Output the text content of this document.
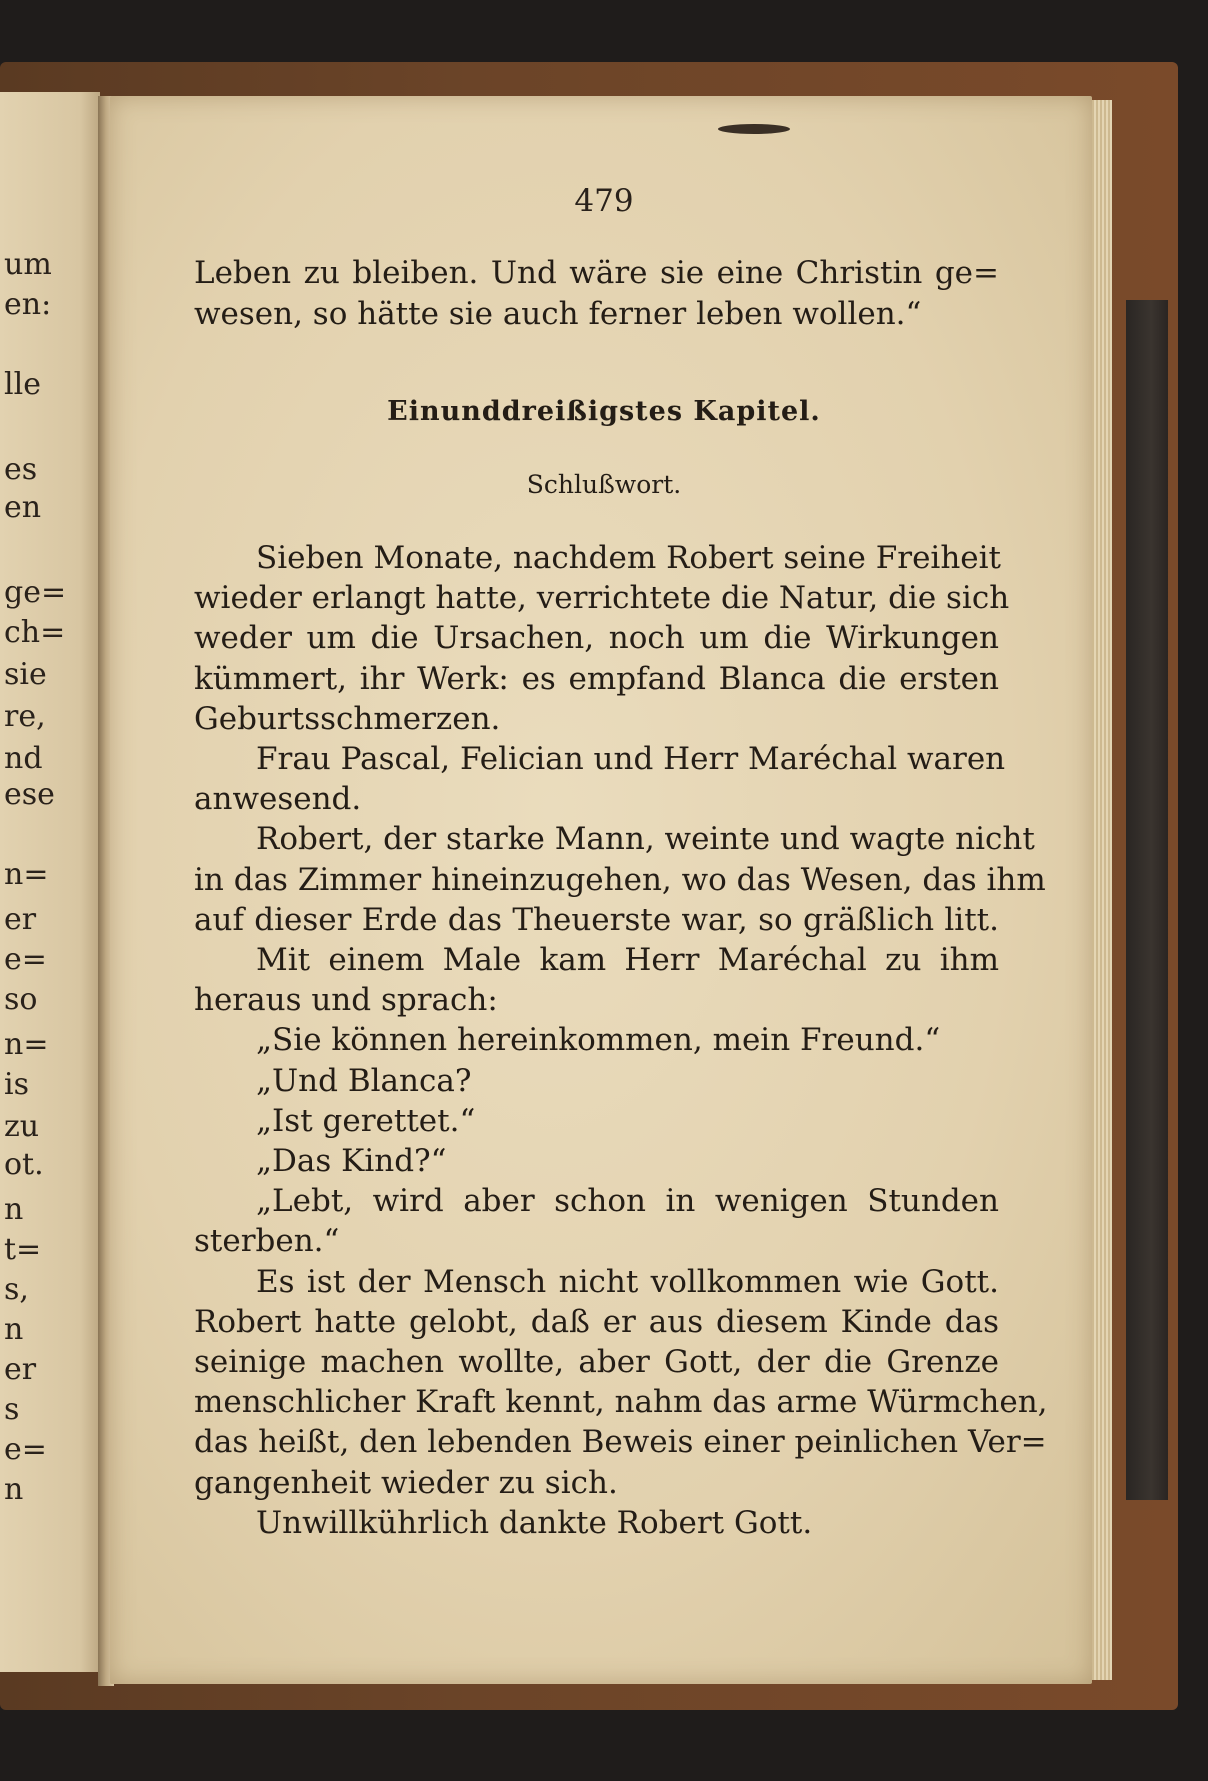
um
en:
lle
es
en
ge=
ch=
sie
re,
nd
ese
n=
er
e=
so
n=
is
zu
ot.
n
t=
s,
n
er
s
e=
n
479
Leben zu bleiben. Und wäre sie eine Christin ge=
wesen, so hätte sie auch ferner leben wollen.“
Einunddreißigstes Kapitel.
Schlußwort.
Sieben Monate, nachdem Robert seine Freiheit
wieder erlangt hatte, verrichtete die Natur, die sich
weder um die Ursachen, noch um die Wirkungen
kümmert, ihr Werk: es empfand Blanca die ersten
Geburtsschmerzen.
Frau Pascal, Felician und Herr Maréchal waren
anwesend.
Robert, der starke Mann, weinte und wagte nicht
in das Zimmer hineinzugehen, wo das Wesen, das ihm
auf dieser Erde das Theuerste war, so gräßlich litt.
Mit einem Male kam Herr Maréchal zu ihm
heraus und sprach:
„Sie können hereinkommen, mein Freund.“
„Und Blanca?
„Ist gerettet.“
„Das Kind?“
„Lebt, wird aber schon in wenigen Stunden
sterben.“
Es ist der Mensch nicht vollkommen wie Gott.
Robert hatte gelobt, daß er aus diesem Kinde das
seinige machen wollte, aber Gott, der die Grenze
menschlicher Kraft kennt, nahm das arme Würmchen,
das heißt, den lebenden Beweis einer peinlichen Ver=
gangenheit wieder zu sich.
Unwillkührlich dankte Robert Gott.
